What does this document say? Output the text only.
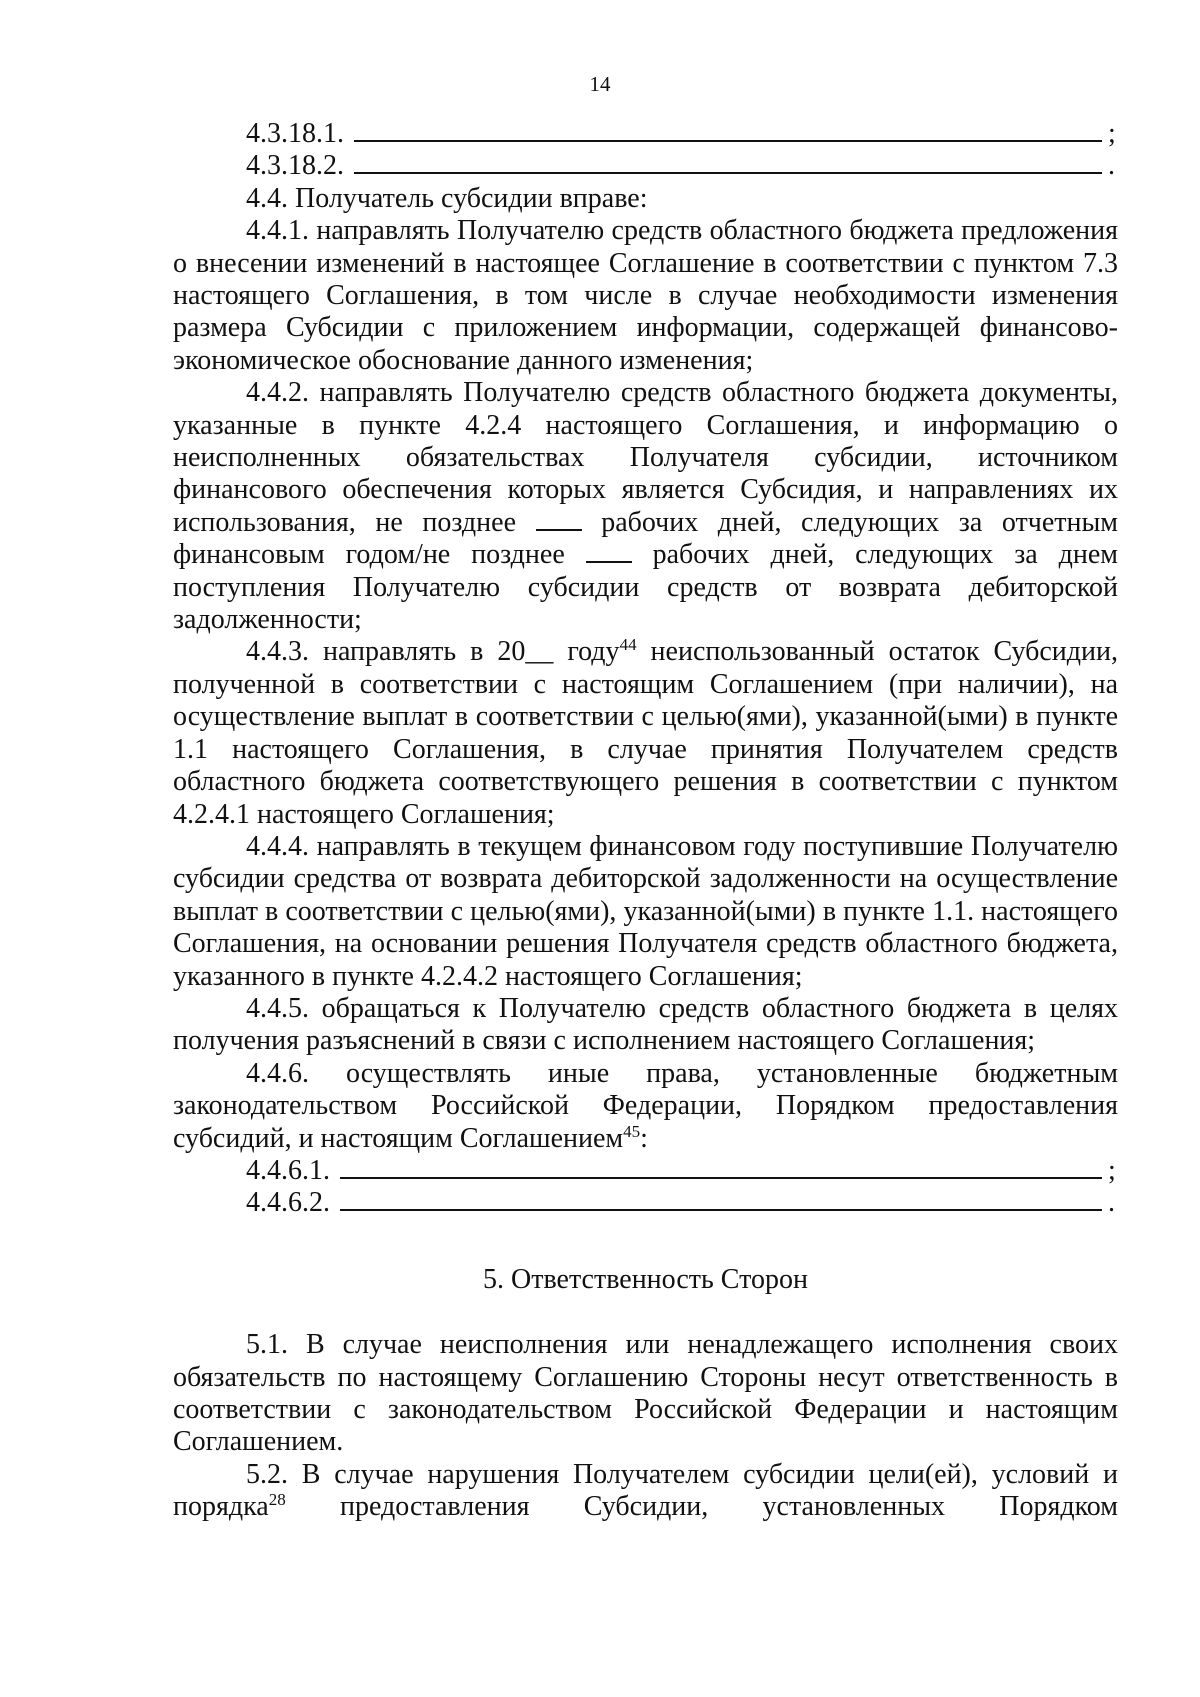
14
4.3.18.1.	;
4.3.18.2.	.

4.4. Получатель субсидии вправе:

4.4.1. направлять Получателю средств областного бюджета предложения о внесении изменений в настоящее Соглашение в соответствии с пунктом 7.3 настоящего Соглашения, в том числе в случае необходимости изменения размера Субсидии с приложением информации, содержащей финансово-экономическое обоснование данного изменения;

4.4.2. направлять Получателю средств областного бюджета документы, указанные в пункте 4.2.4 настоящего Соглашения, и информацию о неисполненных обязательствах Получателя субсидии, источником финансового обеспечения которых является Субсидия, и направлениях их использования, не позднее	рабочих дней, следующих за отчетным финансовым годом/не позднее	рабочих дней, следующих за днем поступления Получателю субсидии средств от возврата дебиторской задолженности;

4.4.3. направлять в 20__ году$^{44}$ неиспользованный остаток Субсидии, полученной в соответствии с настоящим Соглашением (при наличии), на осуществление выплат в соответствии с целью(ями), указанной(ыми) в пункте 1.1 настоящего Соглашения, в случае принятия Получателем средств областного бюджета соответствующего решения в соответствии с пунктом 4.2.4.1 настоящего Соглашения;

4.4.4. направлять в текущем финансовом году поступившие Получателю субсидии средства от возврата дебиторской задолженности на осуществление выплат в соответствии с целью(ями), указанной(ыми) в пункте 1.1. настоящего Соглашения, на основании решения Получателя средств областного бюджета, указанного в пункте 4.2.4.2 настоящего Соглашения;

4.4.5. обращаться к Получателю средств областного бюджета в целях получения разъяснений в связи с исполнением настоящего Соглашения;

4.4.6. осуществлять иные права, установленные бюджетным законодательством Российской Федерации, Порядком предоставления субсидий, и настоящим Соглашением$^{45}$:

4.4.6.1.	;
4.4.6.2.	.

5. Ответственность Сторон

5.1. В случае неисполнения или ненадлежащего исполнения своих обязательств по настоящему Соглашению Стороны несут ответственность в соответствии с законодательством Российской Федерации и настоящим Соглашением.

5.2. В случае нарушения Получателем субсидии цели(ей), условий и порядка$^{28}$ предоставления Субсидии, установленных Порядком
